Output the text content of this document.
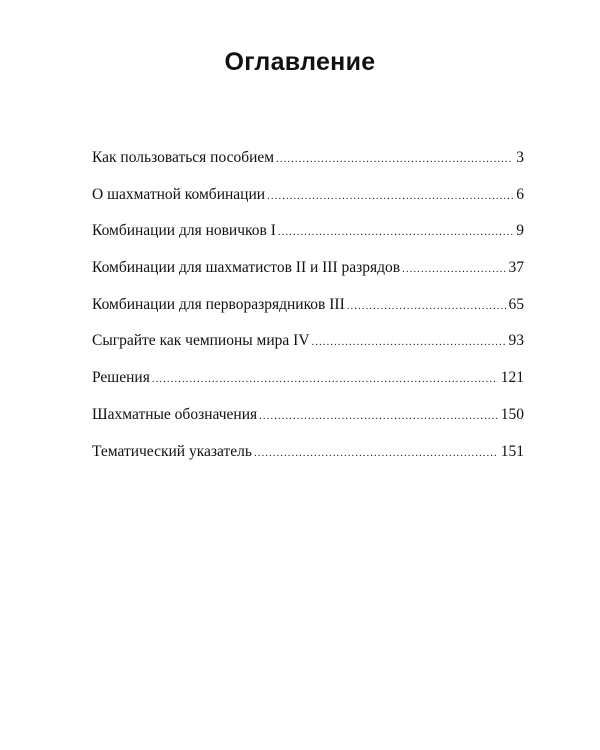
Оглавление
Как пользоваться пособием .....	3
О шахматной комбинации .....	6
Комбинации для новичков I .....	9
Комбинации для шахматистов II и III разрядов .....	37
Комбинации для перворазрядников III .....	65
Сыграйте как чемпионы мира IV .....	93
Решения .....	121
Шахматные обозначения .....	150
Тематический указатель .....	151
